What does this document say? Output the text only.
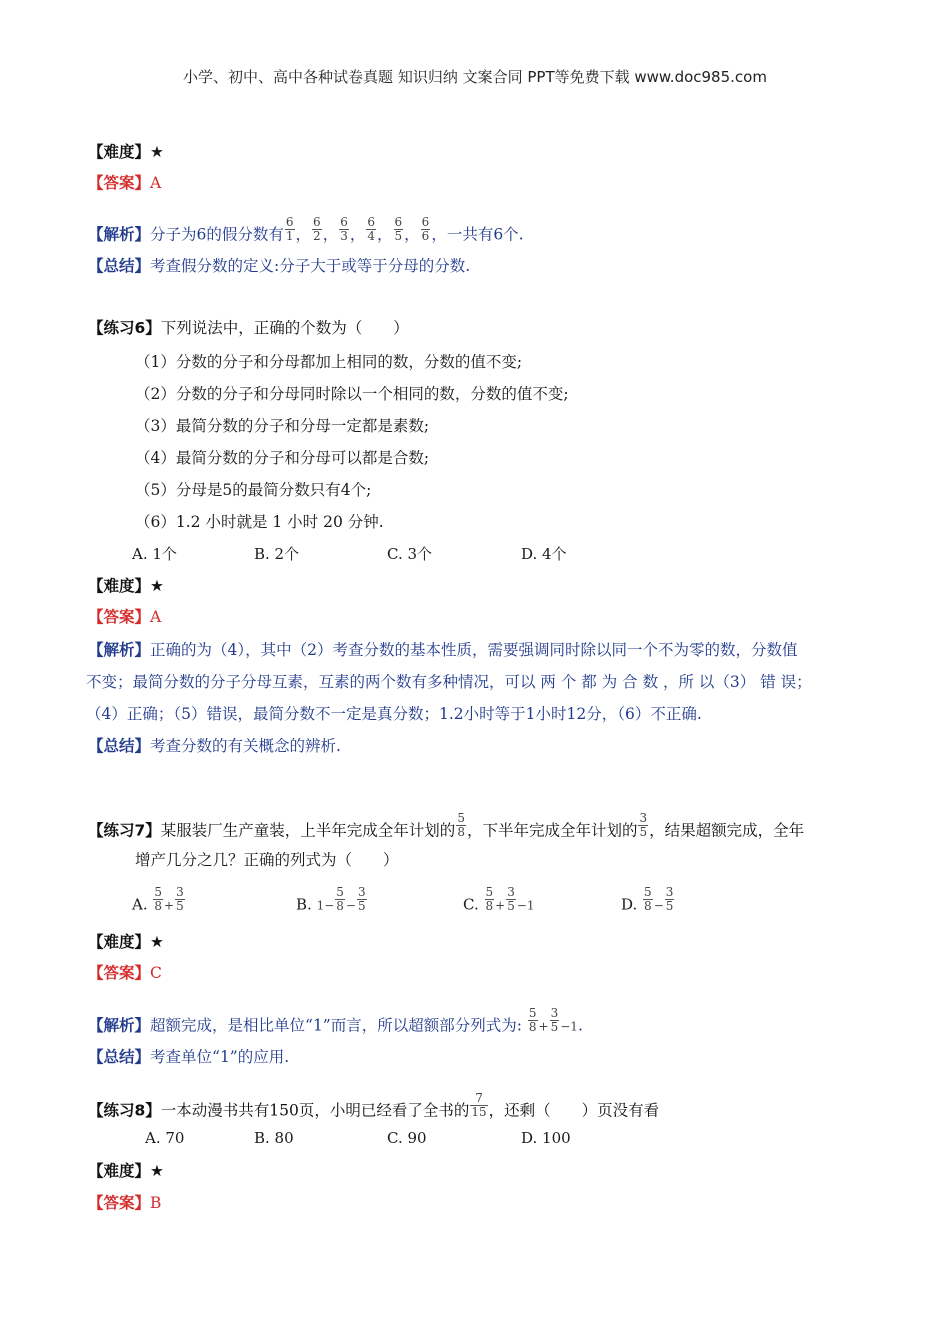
小学、初中、高中各种试卷真题 知识归纳 文案合同 PPT等免费下载 www.doc985.com
【难度】★
【答案】A
【解析】分子为6的假分数有 $\frac{6}{1}$ ， $\frac{6}{2}$ ， $\frac{6}{3}$ ， $\frac{6}{4}$ ， $\frac{6}{5}$ ， $\frac{6}{6}$ ，一共有6个.
【总结】考查假分数的定义:分子大于或等于分母的分数.
【练习6】下列说法中，正确的个数为（　　）
（1）分数的分子和分母都加上相同的数，分数的值不变;
（2）分数的分子和分母同时除以一个相同的数，分数的值不变;
（3）最简分数的分子和分母一定都是素数;
（4）最简分数的分子和分母可以都是合数;
（5）分母是5的最简分数只有4个;
（6）1.2 小时就是 1 小时 20 分钟.
A. 1个	B. 2个	C. 3个	D. 4个
【难度】★
【答案】A
【解析】正确的为（4），其中（2）考查分数的基本性质，需要强调同时除以同一个不为零的数，分数值
不变；最简分数的分子分母互素，互素的两个数有多种情况，可以 两 个 都 为 合 数 ，所 以（3） 错 误；
（4）正确；（5）错误，最简分数不一定是真分数；1.2小时等于1小时12分，（6）不正确.
【总结】考查分数的有关概念的辨析.
【练习7】某服装厂生产童装，上半年完成全年计划的 $\frac{5}{8}$ ，下半年完成全年计划的 $\frac{3}{5}$ ，结果超额完成，全年
增产几分之几？正确的列式为（　　）
A. $\frac{5}{8} + \frac{3}{5}$	B. $1- \frac{5}{8} - \frac{3}{5}$	C. $\frac{5}{8} + \frac{3}{5} -1$	D. $\frac{5}{8} - \frac{3}{5}$
【难度】★
【答案】C
【解析】超额完成，是相比单位“1”而言，所以超额部分列式为: $\frac{5}{8} + \frac{3}{5} -1$.
【总结】考查单位“1”的应用.
【练习8】一本动漫书共有150页，小明已经看了全书的 $\frac{7}{15}$ ，还剩（　　）页没有看
A. 70	B. 80	C. 90	D. 100
【难度】★
【答案】B
